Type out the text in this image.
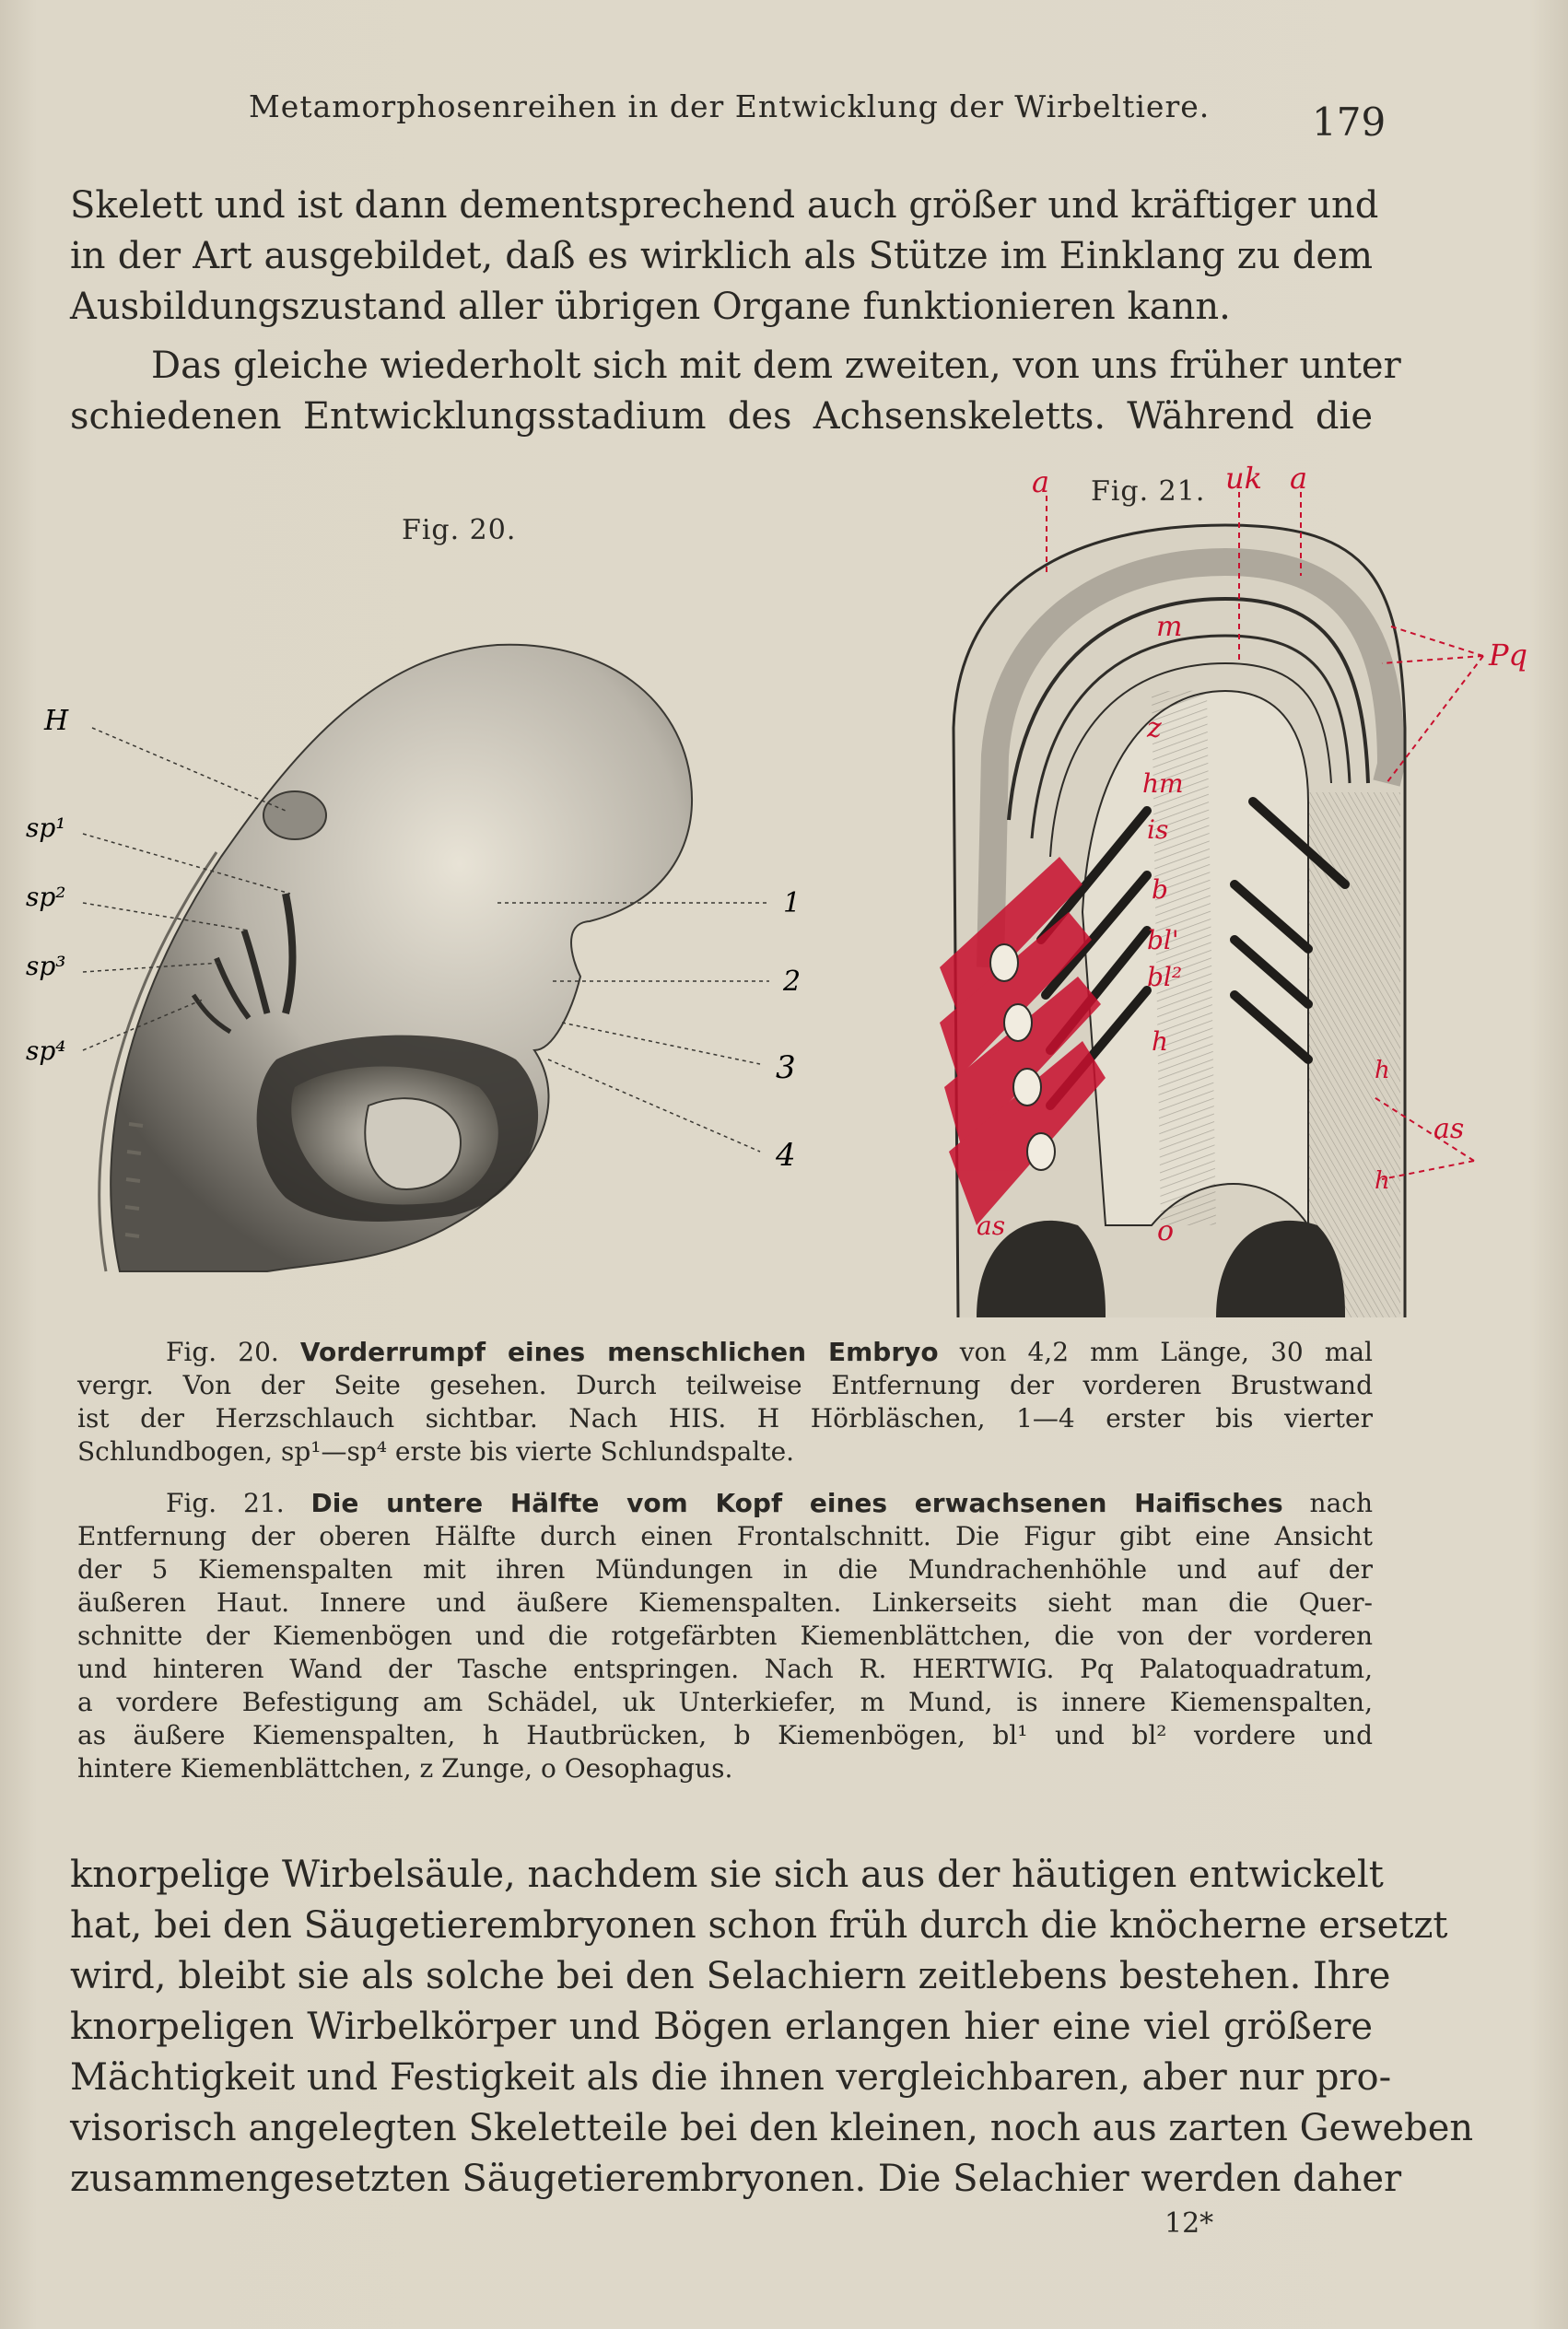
Metamorphosenreihen in der Entwicklung der Wirbeltiere.	179
Skelett und ist dann dementsprechend auch größer und kräftiger und
in der Art ausgebildet, daß es wirklich als Stütze im Einklang zu dem
Ausbildungszustand aller übrigen Organe funktionieren kann.
Das gleiche wiederholt sich mit dem zweiten, von uns früher unter
schiedenen Entwicklungsstadium des Achsenskeletts. Während die
Fig. 20.
Fig. 21.
H
sp¹
sp²
sp³
sp⁴
1
2
3
4
a	uk a
Pq
m
z
hm
is
b
bl'
bl²
h
as
h
h
as
o
Fig. 20. Vorderrumpf eines menschlichen Embryo von 4,2 mm Länge, 30 mal
vergr. Von der Seite gesehen. Durch teilweise Entfernung der vorderen Brustwand
ist der Herzschlauch sichtbar. Nach HIS. H Hörbläschen, 1—4 erster bis vierter
Schlundbogen, sp¹—sp⁴ erste bis vierte Schlundspalte.
Fig. 21. Die untere Hälfte vom Kopf eines erwachsenen Haifisches nach
Entfernung der oberen Hälfte durch einen Frontalschnitt. Die Figur gibt eine Ansicht
der 5 Kiemenspalten mit ihren Mündungen in die Mundrachenhöhle und auf der
äußeren Haut. Innere und äußere Kiemenspalten. Linkerseits sieht man die Quer-
schnitte der Kiemenbögen und die rotgefärbten Kiemenblättchen, die von der vorderen
und hinteren Wand der Tasche entspringen. Nach R. HERTWIG. Pq Palatoquadratum,
a vordere Befestigung am Schädel, uk Unterkiefer, m Mund, is innere Kiemenspalten,
as äußere Kiemenspalten, h Hautbrücken, b Kiemenbögen, bl¹ und bl² vordere und
hintere Kiemenblättchen, z Zunge, o Oesophagus.
knorpelige Wirbelsäule, nachdem sie sich aus der häutigen entwickelt
hat, bei den Säugetierembryonen schon früh durch die knöcherne ersetzt
wird, bleibt sie als solche bei den Selachiern zeitlebens bestehen. Ihre
knorpeligen Wirbelkörper und Bögen erlangen hier eine viel größere
Mächtigkeit und Festigkeit als die ihnen vergleichbaren, aber nur pro-
visorisch angelegten Skeletteile bei den kleinen, noch aus zarten Geweben
zusammengesetzten Säugetierembryonen. Die Selachier werden daher
12*
